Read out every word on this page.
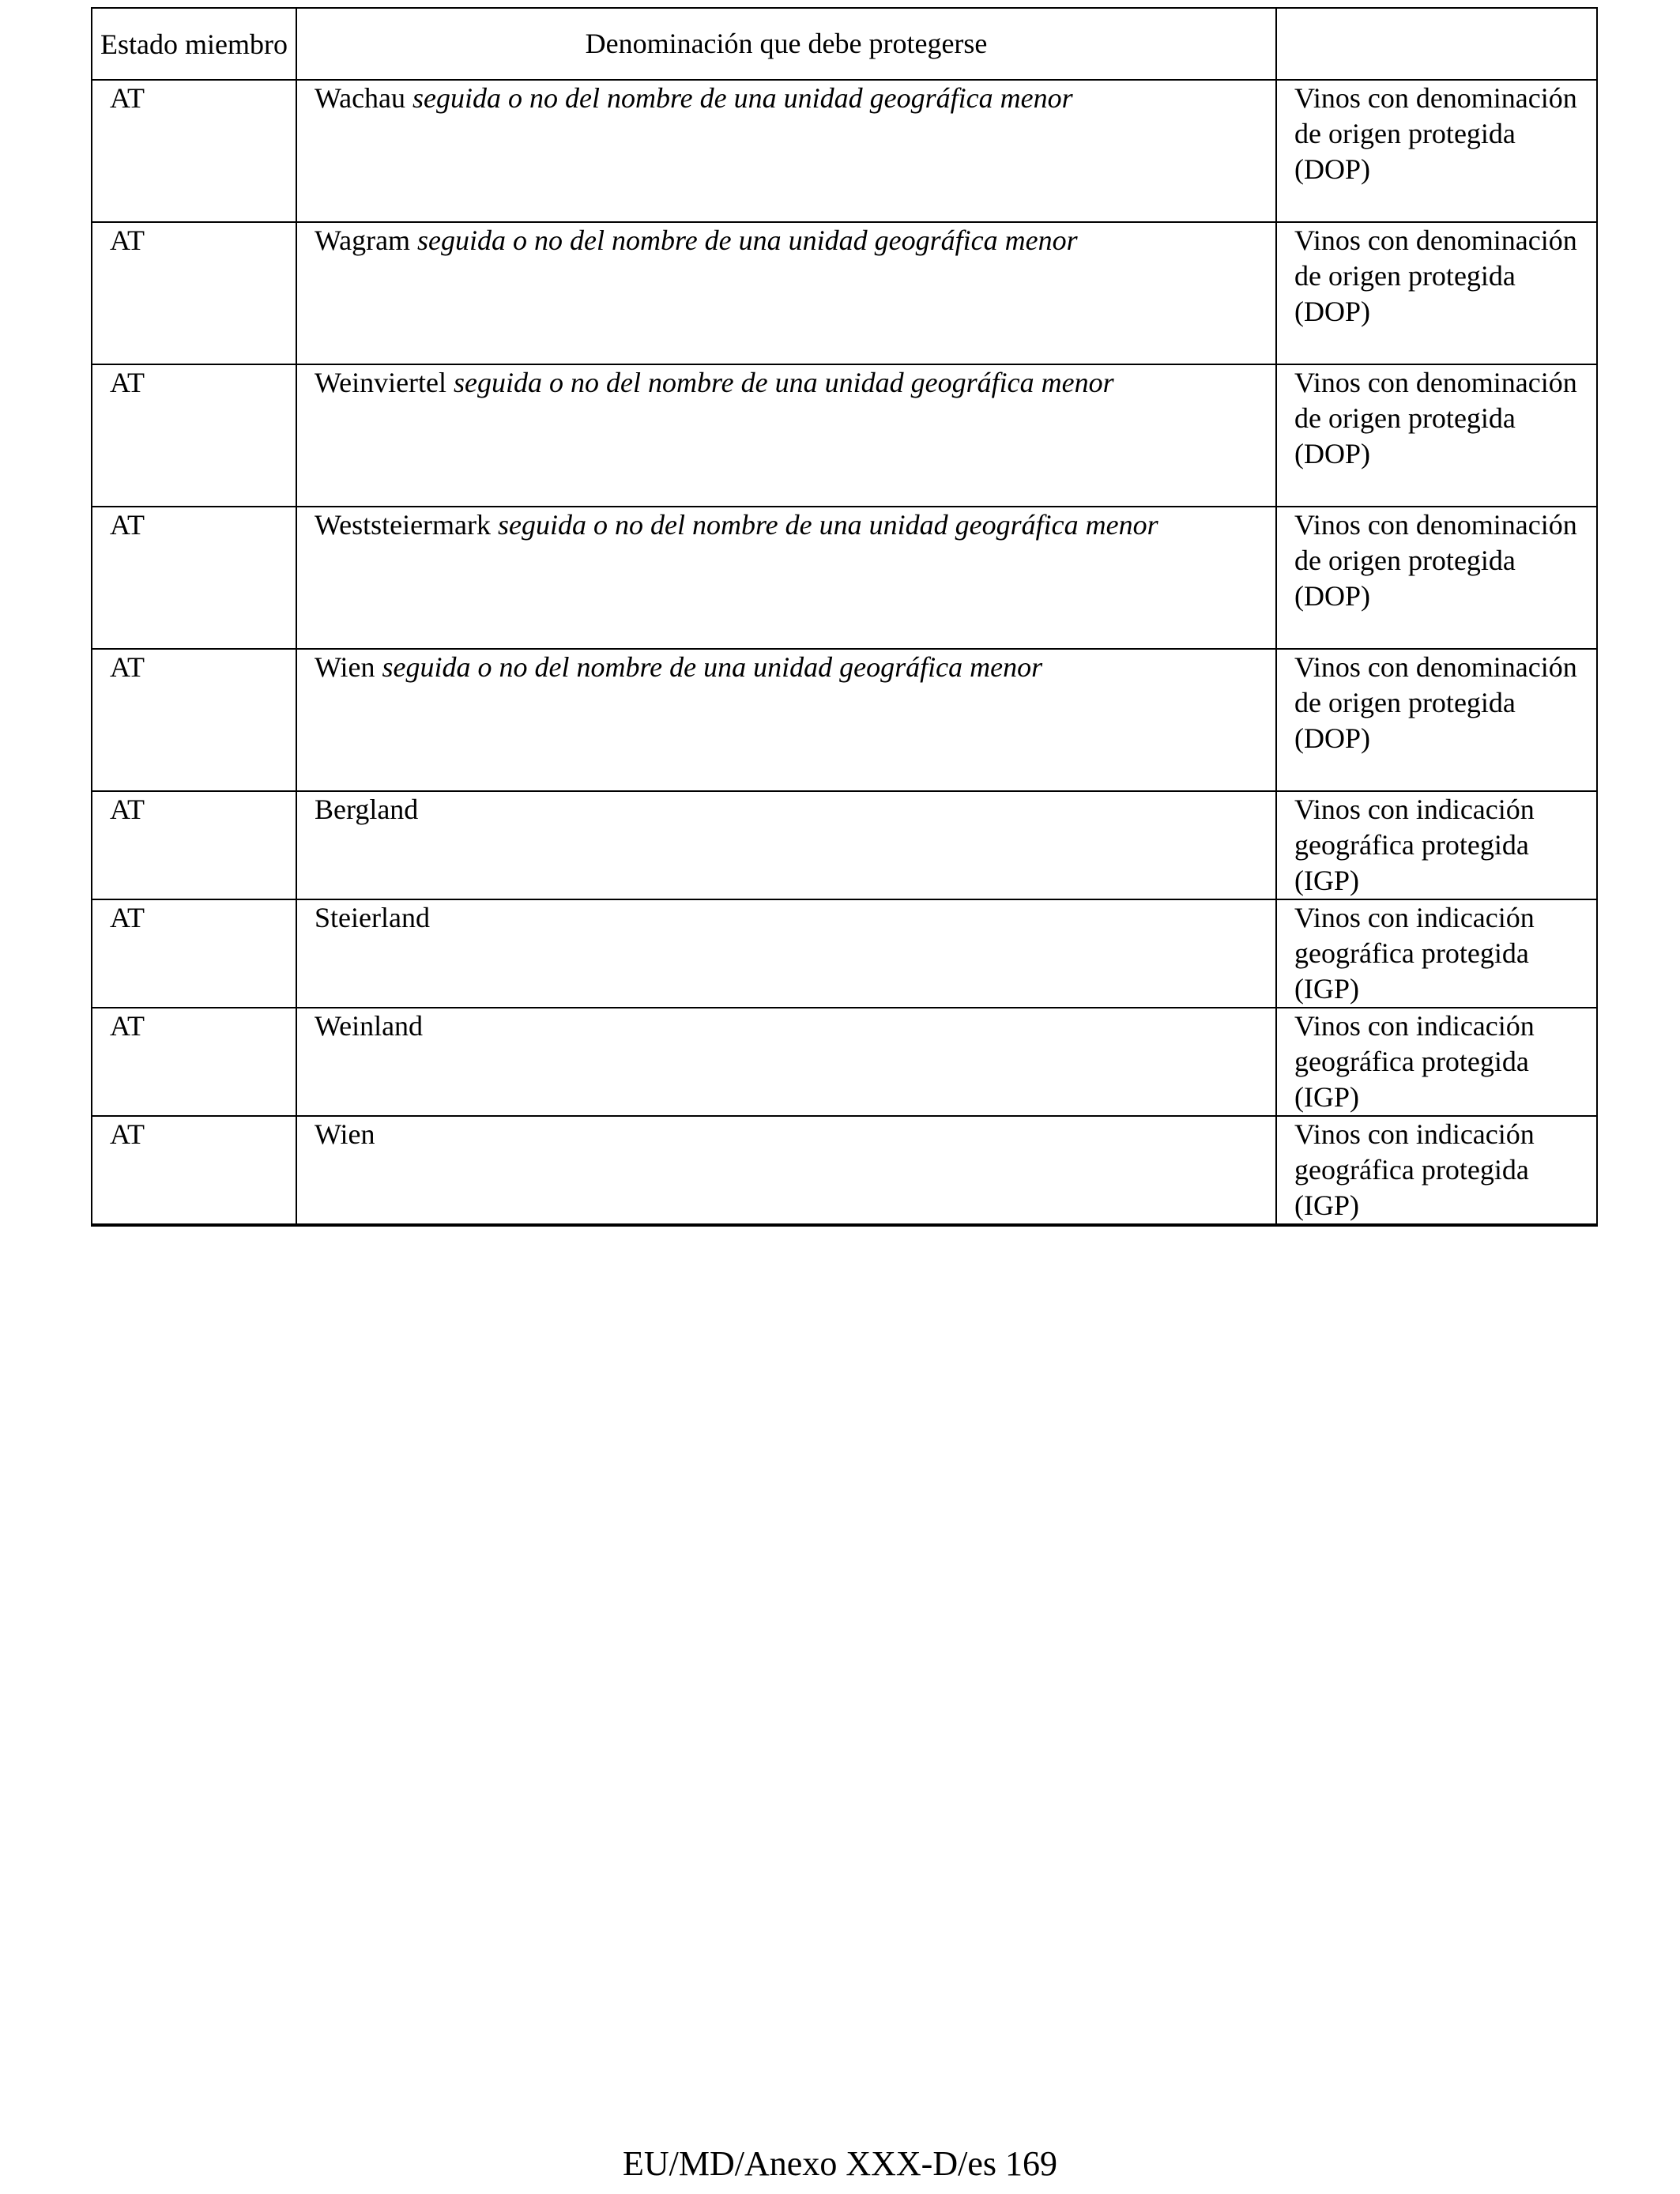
Estado miembro	Denominación que debe protegerse	
AT	Wachau seguida o no del nombre de una unidad geográfica menor	Vinos con denominación de origen protegida (DOP)
AT	Wagram seguida o no del nombre de una unidad geográfica menor	Vinos con denominación de origen protegida (DOP)
AT	Weinviertel seguida o no del nombre de una unidad geográfica menor	Vinos con denominación de origen protegida (DOP)
AT	Weststeiermark seguida o no del nombre de una unidad geográfica menor	Vinos con denominación de origen protegida (DOP)
AT	Wien seguida o no del nombre de una unidad geográfica menor	Vinos con denominación de origen protegida (DOP)
AT	Bergland	Vinos con indicación geográfica protegida (IGP)
AT	Steierland	Vinos con indicación geográfica protegida (IGP)
AT	Weinland	Vinos con indicación geográfica protegida (IGP)
AT	Wien	Vinos con indicación geográfica protegida (IGP)
EU/MD/Anexo XXX-D/es 169
